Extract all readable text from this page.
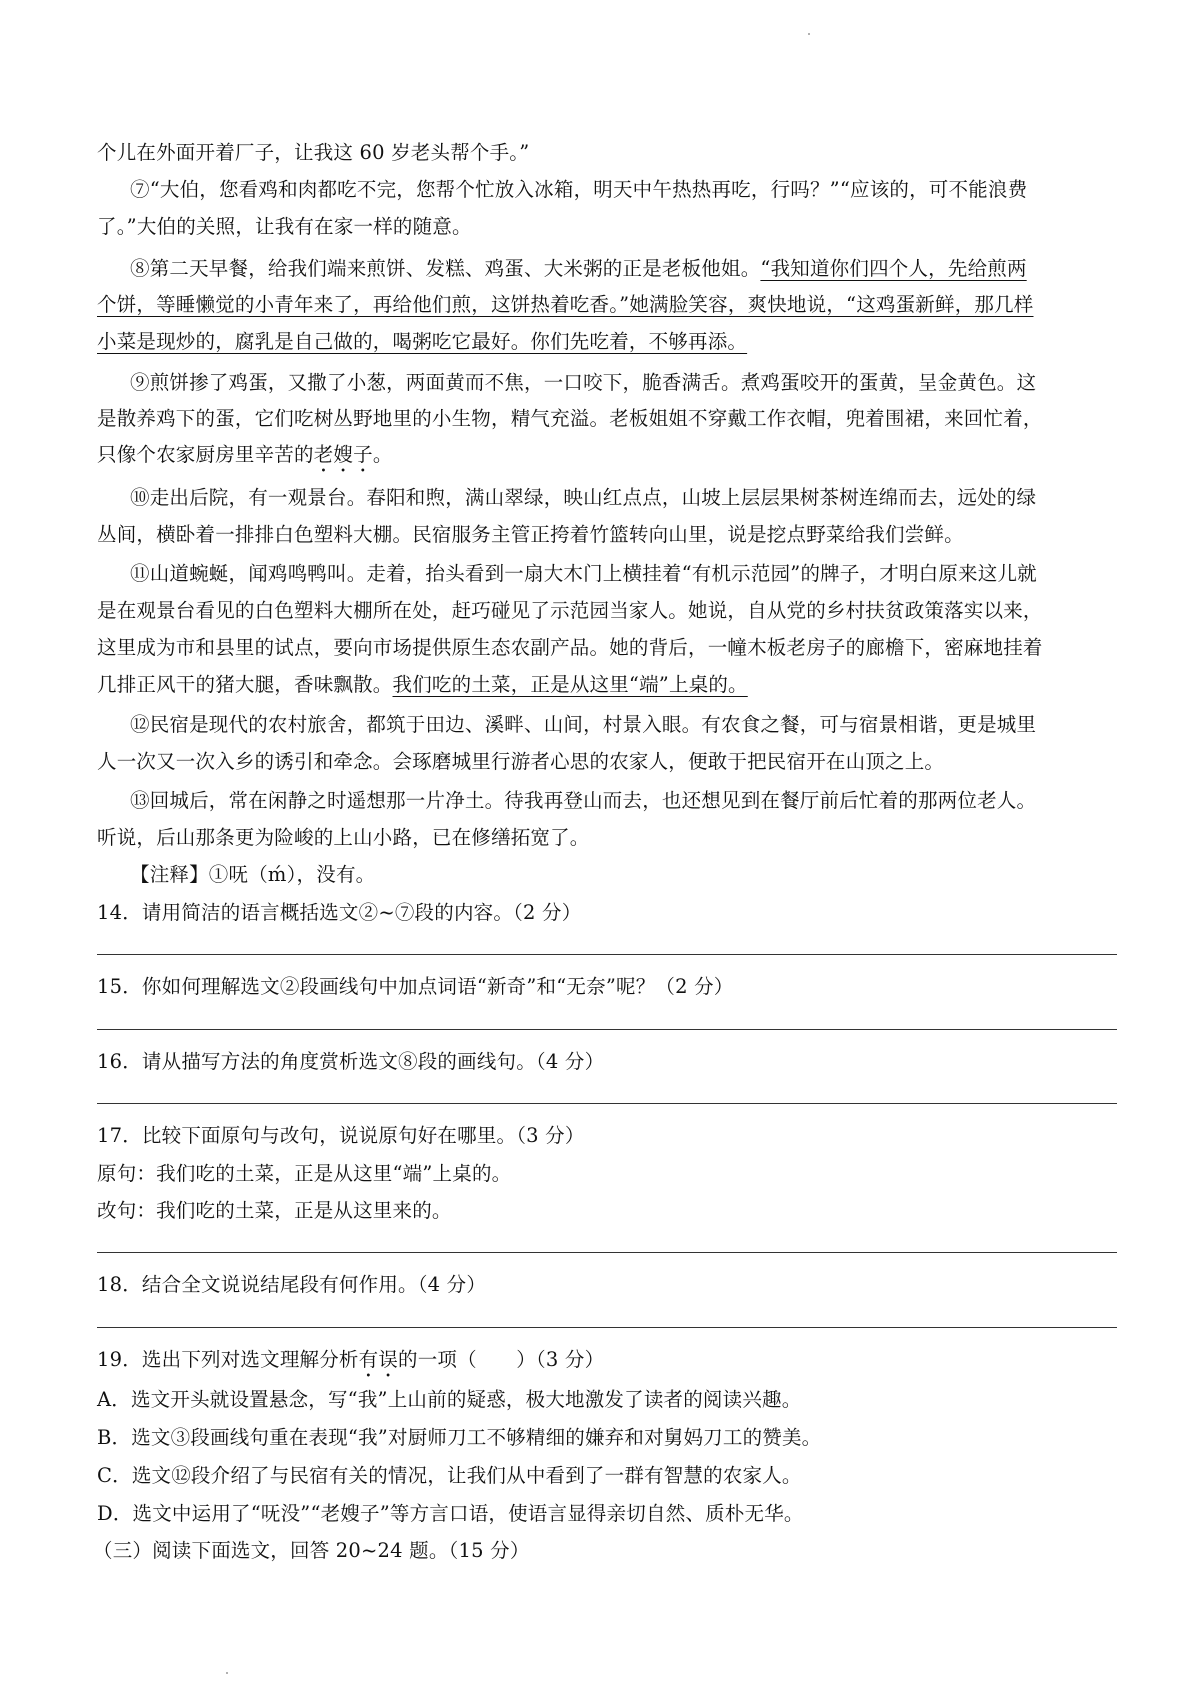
个儿在外面开着厂子，让我这 60 岁老头帮个手。”
⑦“大伯，您看鸡和肉都吃不完，您帮个忙放入冰箱，明天中午热热再吃，行吗？”“应该的，可不能浪费
了。”大伯的关照，让我有在家一样的随意。
⑧第二天早餐，给我们端来煎饼、发糕、鸡蛋、大米粥的正是老板他姐。“我知道你们四个人，先给煎两
个饼，等睡懒觉的小青年来了，再给他们煎，这饼热着吃香。”她满脸笑容，爽快地说，“这鸡蛋新鲜，那几样
小菜是现炒的，腐乳是自己做的，喝粥吃它最好。你们先吃着，不够再添。
⑨煎饼掺了鸡蛋，又撒了小葱，两面黄而不焦，一口咬下，脆香满舌。煮鸡蛋咬开的蛋黄，呈金黄色。这
是散养鸡下的蛋，它们吃树丛野地里的小生物，精气充溢。老板姐姐不穿戴工作衣帽，兜着围裙，来回忙着，
只像个农家厨房里辛苦的老嫂子。
⑩走出后院，有一观景台。春阳和煦，满山翠绿，映山红点点，山坡上层层果树茶树连绵而去，远处的绿
丛间，横卧着一排排白色塑料大棚。民宿服务主管正挎着竹篮转向山里，说是挖点野菜给我们尝鲜。
⑪山道蜿蜒，闻鸡鸣鸭叫。走着，抬头看到一扇大木门上横挂着“有机示范园”的牌子，才明白原来这儿就
是在观景台看见的白色塑料大棚所在处，赶巧碰见了示范园当家人。她说，自从党的乡村扶贫政策落实以来，
这里成为市和县里的试点，要向市场提供原生态农副产品。她的背后，一幢木板老房子的廊檐下，密麻地挂着
几排正风干的猪大腿，香味飘散。我们吃的土菜，正是从这里“端”上桌的。
⑫民宿是现代的农村旅舍，都筑于田边、溪畔、山间，村景入眼。有农食之餐，可与宿景相谐，更是城里
人一次又一次入乡的诱引和牵念。会琢磨城里行游者心思的农家人，便敢于把民宿开在山顶之上。
⑬回城后，常在闲静之时遥想那一片净土。待我再登山而去，也还想见到在餐厅前后忙着的那两位老人。
听说，后山那条更为险峻的上山小路，已在修缮拓宽了。
【注释】①呒（ḿ），没有。
14．请用简洁的语言概括选文②~⑦段的内容。（2 分）
15．你如何理解选文②段画线句中加点词语“新奇”和“无奈”呢？（2 分）
16．请从描写方法的角度赏析选文⑧段的画线句。（4 分）
17．比较下面原句与改句，说说原句好在哪里。（3 分）
原句：我们吃的土菜，正是从这里“端”上桌的。
改句：我们吃的土菜，正是从这里来的。
18．结合全文说说结尾段有何作用。（4 分）
19．选出下列对选文理解分析有误的一项（　　）（3 分）
A．选文开头就设置悬念，写“我”上山前的疑惑，极大地激发了读者的阅读兴趣。
B．选文③段画线句重在表现“我”对厨师刀工不够精细的嫌弃和对舅妈刀工的赞美。
C．选文⑫段介绍了与民宿有关的情况，让我们从中看到了一群有智慧的农家人。
D．选文中运用了“呒没”“老嫂子”等方言口语，使语言显得亲切自然、质朴无华。
（三）阅读下面选文，回答 20~24 题。（15 分）
